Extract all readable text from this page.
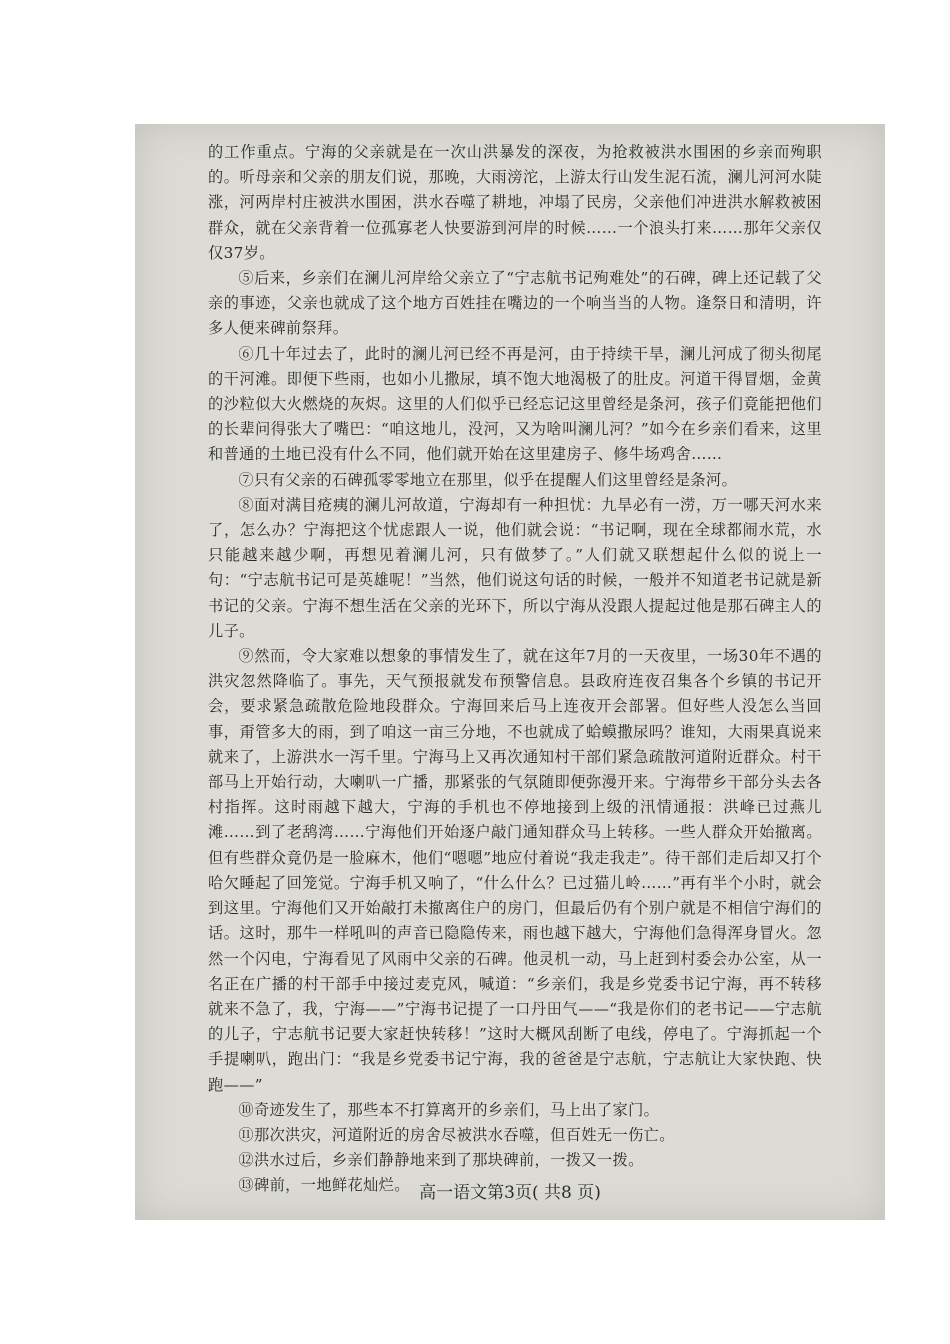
的工作重点。宁海的父亲就是在一次山洪暴发的深夜，为抢救被洪水围困的乡亲而殉职的。听母亲和父亲的朋友们说，那晚，大雨滂沱，上游太行山发生泥石流，澜儿河河水陡涨，河两岸村庄被洪水围困，洪水吞噬了耕地，冲塌了民房，父亲他们冲进洪水解救被困群众，就在父亲背着一位孤寡老人快要游到河岸的时候……一个浪头打来……那年父亲仅仅37岁。

⑤后来，乡亲们在澜儿河岸给父亲立了“宁志航书记殉难处”的石碑，碑上还记载了父亲的事迹，父亲也就成了这个地方百姓挂在嘴边的一个响当当的人物。逢祭日和清明，许多人便来碑前祭拜。

⑥几十年过去了，此时的澜儿河已经不再是河，由于持续干旱，澜儿河成了彻头彻尾的干河滩。即便下些雨，也如小儿撒尿，填不饱大地渴极了的肚皮。河道干得冒烟，金黄的沙粒似大火燃烧的灰烬。这里的人们似乎已经忘记这里曾经是条河，孩子们竟能把他们的长辈问得张大了嘴巴：“咱这地儿，没河，又为啥叫澜儿河？”如今在乡亲们看来，这里和普通的土地已没有什么不同，他们就开始在这里建房子、修牛场鸡舍……

⑦只有父亲的石碑孤零零地立在那里，似乎在提醒人们这里曾经是条河。

⑧面对满目疮痍的澜儿河故道，宁海却有一种担忧：九旱必有一涝，万一哪天河水来了，怎么办？宁海把这个忧虑跟人一说，他们就会说：“书记啊，现在全球都闹水荒，水只能越来越少啊，再想见着澜儿河，只有做梦了。”人们就又联想起什么似的说上一句：“宁志航书记可是英雄呢！”当然，他们说这句话的时候，一般并不知道老书记就是新书记的父亲。宁海不想生活在父亲的光环下，所以宁海从没跟人提起过他是那石碑主人的儿子。

⑨然而，令大家难以想象的事情发生了，就在这年7月的一天夜里，一场30年不遇的洪灾忽然降临了。事先，天气预报就发布预警信息。县政府连夜召集各个乡镇的书记开会，要求紧急疏散危险地段群众。宁海回来后马上连夜开会部署。但好些人没怎么当回事，甭管多大的雨，到了咱这一亩三分地，不也就成了蛤蟆撒尿吗？谁知，大雨果真说来就来了，上游洪水一泻千里。宁海马上又再次通知村干部们紧急疏散河道附近群众。村干部马上开始行动，大喇叭一广播，那紧张的气氛随即便弥漫开来。宁海带乡干部分头去各村指挥。这时雨越下越大，宁海的手机也不停地接到上级的汛情通报：洪峰已过燕儿滩……到了老鸹湾……宁海他们开始逐户敲门通知群众马上转移。一些人群众开始撤离。但有些群众竟仍是一脸麻木，他们“嗯嗯”地应付着说“我走我走”。待干部们走后却又打个哈欠睡起了回笼觉。宁海手机又响了，“什么什么？已过猫儿岭……”再有半个小时，就会到这里。宁海他们又开始敲打未撤离住户的房门，但最后仍有个别户就是不相信宁海们的话。这时，那牛一样吼叫的声音已隐隐传来，雨也越下越大，宁海他们急得浑身冒火。忽然一个闪电，宁海看见了风雨中父亲的石碑。他灵机一动，马上赶到村委会办公室，从一名正在广播的村干部手中接过麦克风，喊道：“乡亲们，我是乡党委书记宁海，再不转移就来不急了，我，宁海——”宁海书记提了一口丹田气——“我是你们的老书记——宁志航的儿子，宁志航书记要大家赶快转移！”这时大概风刮断了电线，停电了。宁海抓起一个手提喇叭，跑出门：“我是乡党委书记宁海，我的爸爸是宁志航，宁志航让大家快跑、快跑——”

⑩奇迹发生了，那些本不打算离开的乡亲们，马上出了家门。

⑪那次洪灾，河道附近的房舍尽被洪水吞噬，但百姓无一伤亡。

⑫洪水过后，乡亲们静静地来到了那块碑前，一拨又一拨。

⑬碑前，一地鲜花灿烂。 高一语文第3页( 共8 页)
